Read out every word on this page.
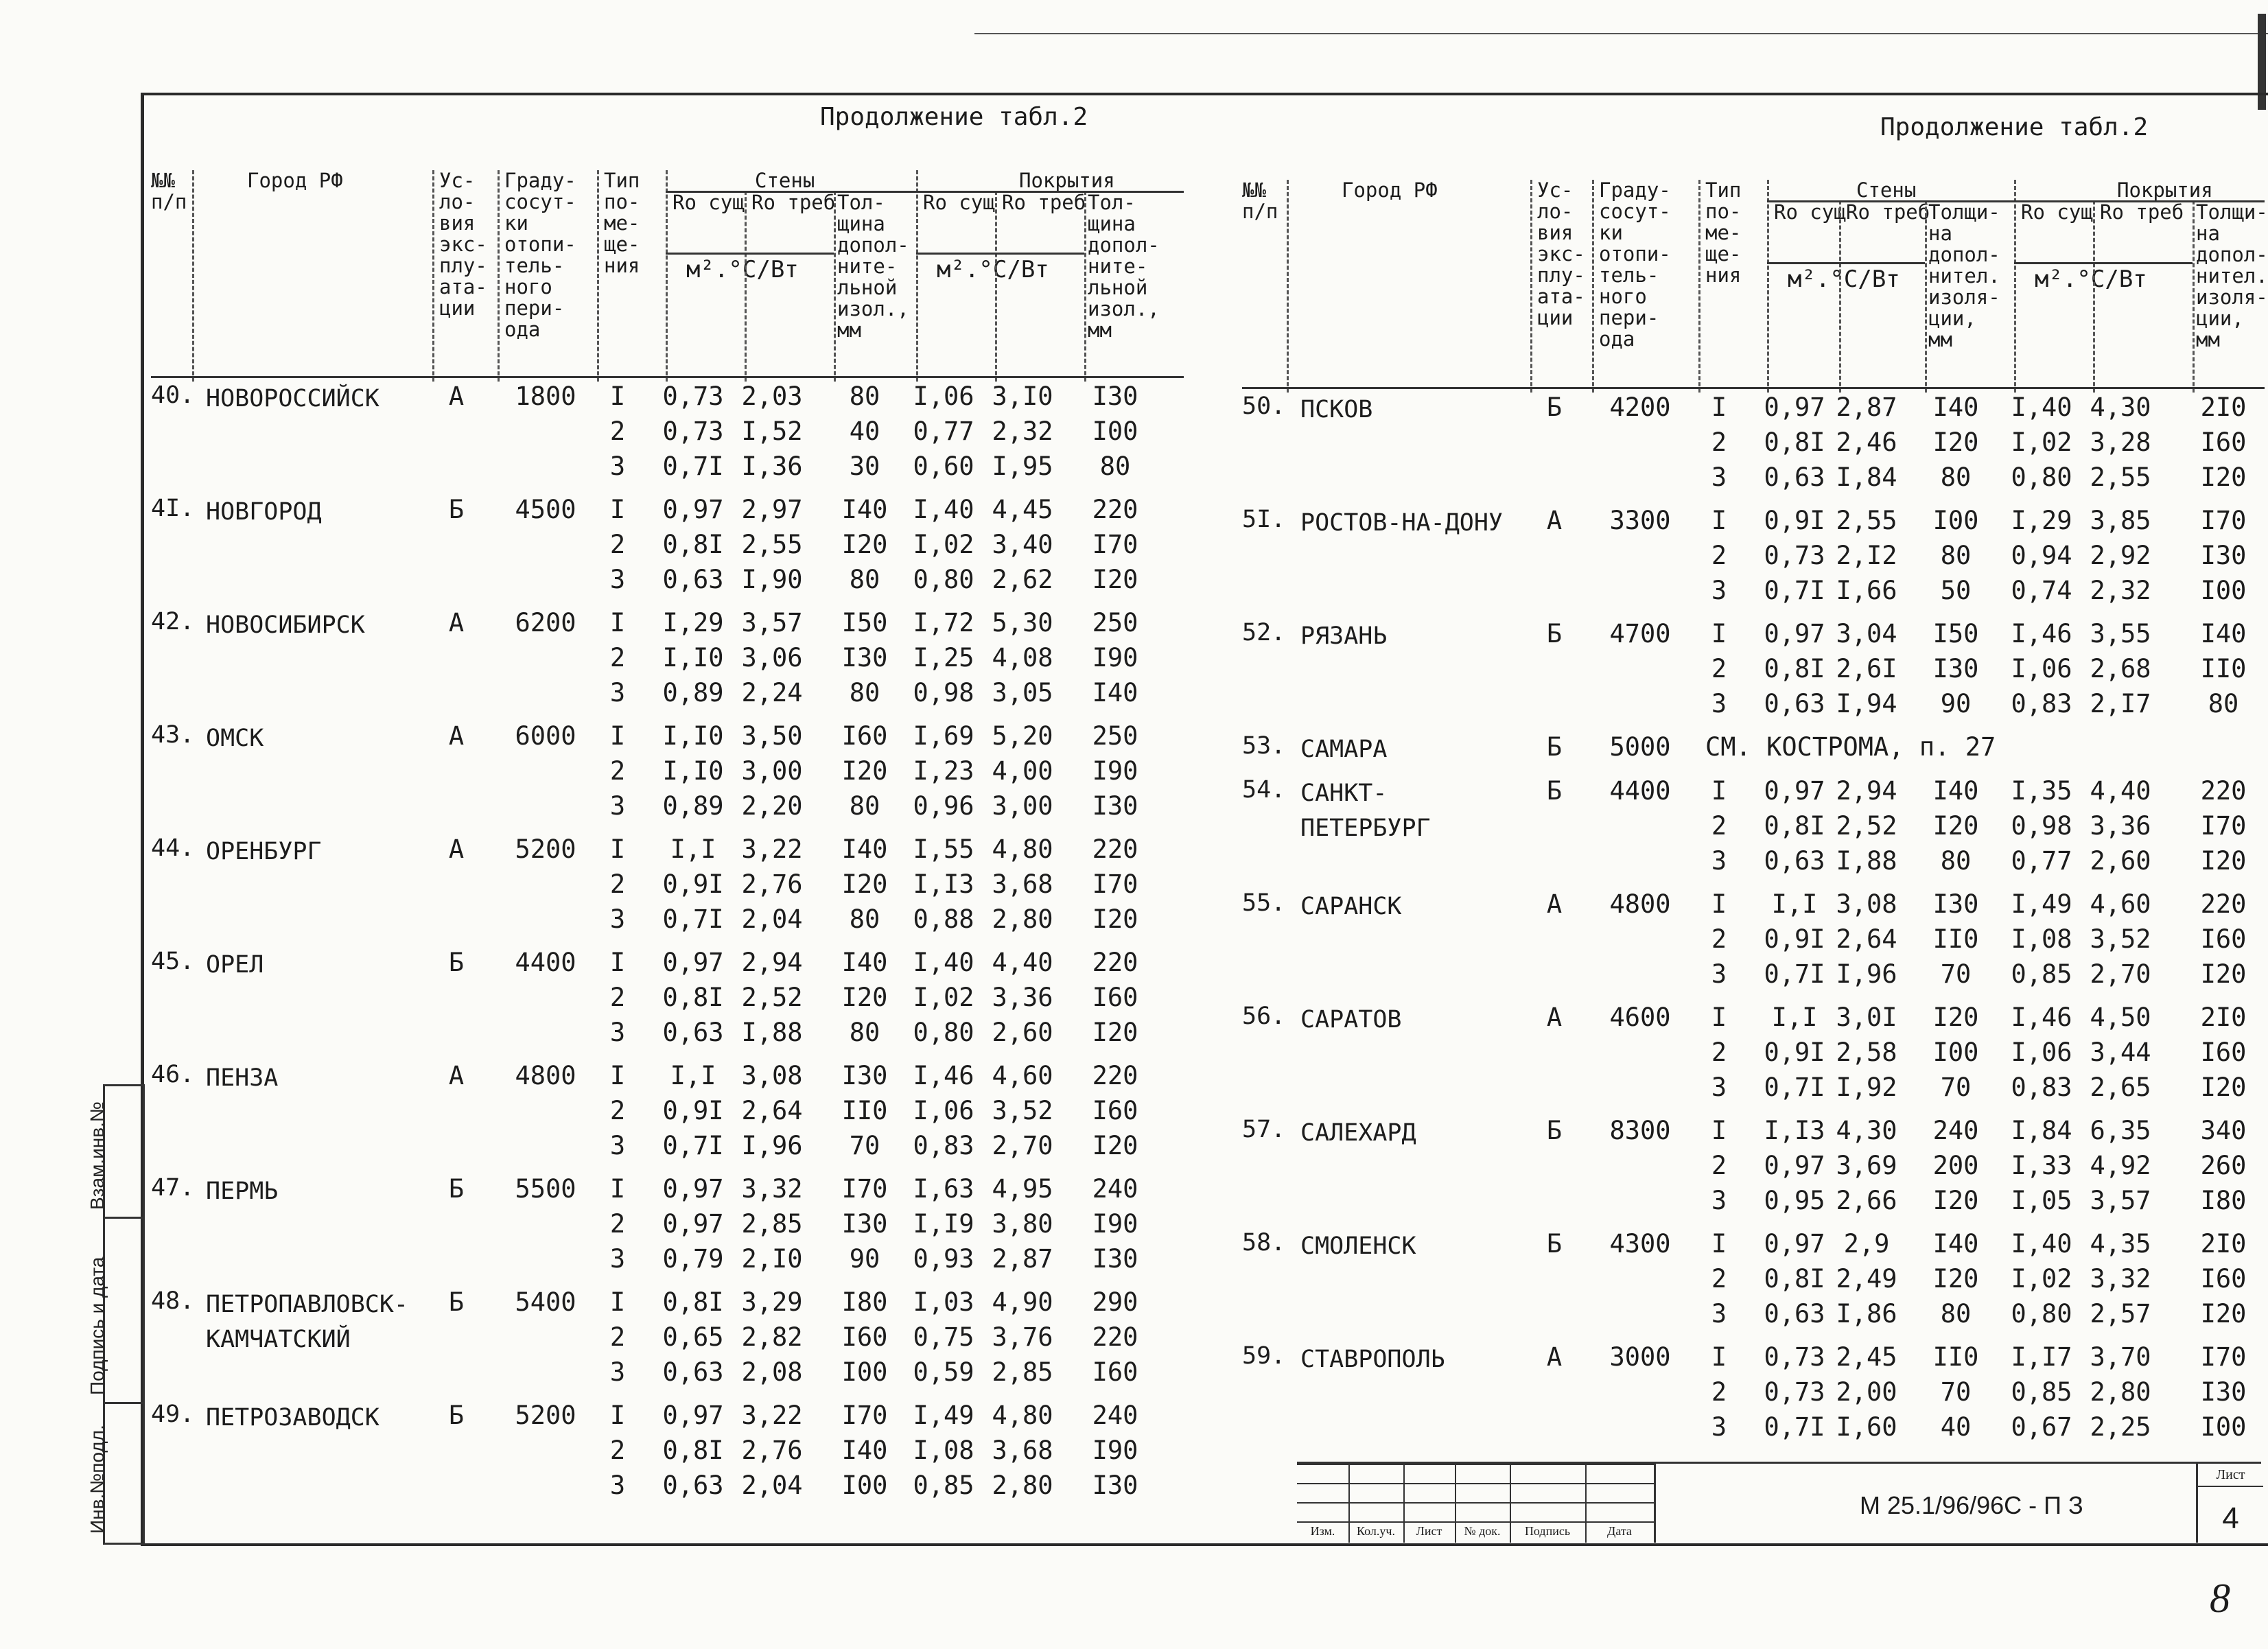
Взам.инв.№
Подпись и дата
Инв.№подл.
Продолжение табл.2	Продолжение табл.2
№№
п/п
Город РФ	Ус-
ло-
вия
экс-
плу-
ата-
ции
Граду-
сосут-
ки
отопи-
тель-
ного
пери-
ода
Тип
по-
ме-
ще-
ния
Стены	Покрытия
Rо сущ Rо треб
м².°С/Вт
Тол-
щина
допол-
ните-
льной
изол.,
мм
Rо сущ Rо треб
м².°С/Вт
Тол-
щина
допол-
ните-
льной
изол.,
мм
40. НОВОРОССИЙСК	А	1800	I	0,73 2,03	80	I,06 3,I0	I30
2	0,73 I,52	40	0,77 2,32	I00
3	0,7I I,36	30	0,60 I,95	80
4I. НОВГОРОД	Б	4500	I	0,97 2,97	I40	I,40 4,45	220
2	0,8I 2,55	I20	I,02 3,40	I70
3	0,63 I,90	80	0,80 2,62	I20
42. НОВОСИБИРСК	А	6200	I	I,29 3,57	I50	I,72 5,30	250
2	I,I0 3,06	I30	I,25 4,08	I90
3	0,89 2,24	80	0,98 3,05	I40
43. ОМСК	А	6000	I	I,I0 3,50	I60	I,69 5,20	250
2	I,I0 3,00	I20	I,23 4,00	I90
3	0,89 2,20	80	0,96 3,00	I30
44. ОРЕНБУРГ	А	5200	I	I,I	3,22	I40	I,55 4,80	220
2	0,9I 2,76	I20	I,I3 3,68	I70
3	0,7I 2,04	80	0,88 2,80	I20
45. ОРЕЛ	Б	4400	I	0,97 2,94	I40	I,40 4,40	220
2	0,8I 2,52	I20	I,02 3,36	I60
3	0,63 I,88	80	0,80 2,60	I20
46. ПЕНЗА	А	4800	I	I,I	3,08	I30	I,46 4,60	220
2	0,9I 2,64	II0	I,06 3,52	I60
3	0,7I I,96	70	0,83 2,70	I20
47. ПЕРМЬ	Б	5500	I	0,97 3,32	I70	I,63 4,95	240
2	0,97 2,85	I30	I,I9 3,80	I90
3	0,79 2,I0	90	0,93 2,87	I30
48. ПЕТРОПАВЛОВСК-
КАМЧАТСКИЙ
Б	5400	I	0,8I 3,29	I80	I,03 4,90	290
2	0,65 2,82	I60	0,75 3,76	220
3	0,63 2,08	I00	0,59 2,85	I60
49. ПЕТРОЗАВОДСК	Б	5200	I	0,97 3,22	I70	I,49 4,80	240
2	0,8I 2,76	I40	I,08 3,68	I90
3	0,63 2,04	I00	0,85 2,80	I30
№№
п/п
Город РФ	Ус-
ло-
вия
экс-
плу-
ата-
ции
Граду-
сосут-
ки
отопи-
тель-
ного
пери-
ода
Тип
по-
ме-
ще-
ния
Стены	Покрытия
Rо сущ Rо треб
м².°С/Вт
Толщи-
на
допол-
нител.
изоля-
ции,
мм
Rо сущ Rо треб
м².°С/Вт
Толщи-
на
допол-
нител.
изоля-
ции,
мм
50. ПСКОВ	Б	4200	I	0,97 2,87	I40	I,40 4,30	2I0
2	0,8I 2,46	I20	I,02 3,28	I60
3	0,63 I,84	80	0,80 2,55	I20
5I. РОСТОВ-НА-ДОНУ	А	3300	I	0,9I 2,55	I00	I,29 3,85	I70
2	0,73 2,I2	80	0,94 2,92	I30
3	0,7I I,66	50	0,74 2,32	I00
52. РЯЗАНЬ	Б	4700	I	0,97 3,04	I50	I,46 3,55	I40
2	0,8I 2,6I	I30	I,06 2,68	II0
3	0,63 I,94	90	0,83 2,I7	80
53. САМАРА	Б	5000	СМ. КОСТРОМА, п. 27
54. САНКТ-
ПЕТЕРБУРГ
Б	4400	I	0,97 2,94	I40	I,35 4,40	220
2	0,8I 2,52	I20	0,98 3,36	I70
3	0,63 I,88	80	0,77 2,60	I20
55. САРАНСК	А	4800	I	I,I 3,08	I30	I,49 4,60	220
2	0,9I 2,64	II0	I,08 3,52	I60
3	0,7I I,96	70	0,85 2,70	I20
56. САРАТОВ	А	4600	I	I,I 3,0I	I20	I,46 4,50	2I0
2	0,9I 2,58	I00	I,06 3,44	I60
3	0,7I I,92	70	0,83 2,65	I20
57. САЛЕХАРД	Б	8300	I	I,I3 4,30	240	I,84 6,35	340
2	0,97 3,69	200	I,33 4,92	260
3	0,95 2,66	I20	I,05 3,57	I80
58. СМОЛЕНСК	Б	4300	I	0,97 2,9	I40	I,40 4,35	2I0
2	0,8I 2,49	I20	I,02 3,32	I60
3	0,63 I,86	80	0,80 2,57	I20
59. СТАВРОПОЛЬ	А	3000	I	0,73 2,45	II0	I,I7 3,70	I70
2	0,73 2,00	70	0,85 2,80	I30
3	0,7I I,60	40	0,67 2,25	I00
Изм.	Кол.уч.	Лист	№ док.	Подпись	Дата
М 25.1/96/96С - П З
Лист
4
8
